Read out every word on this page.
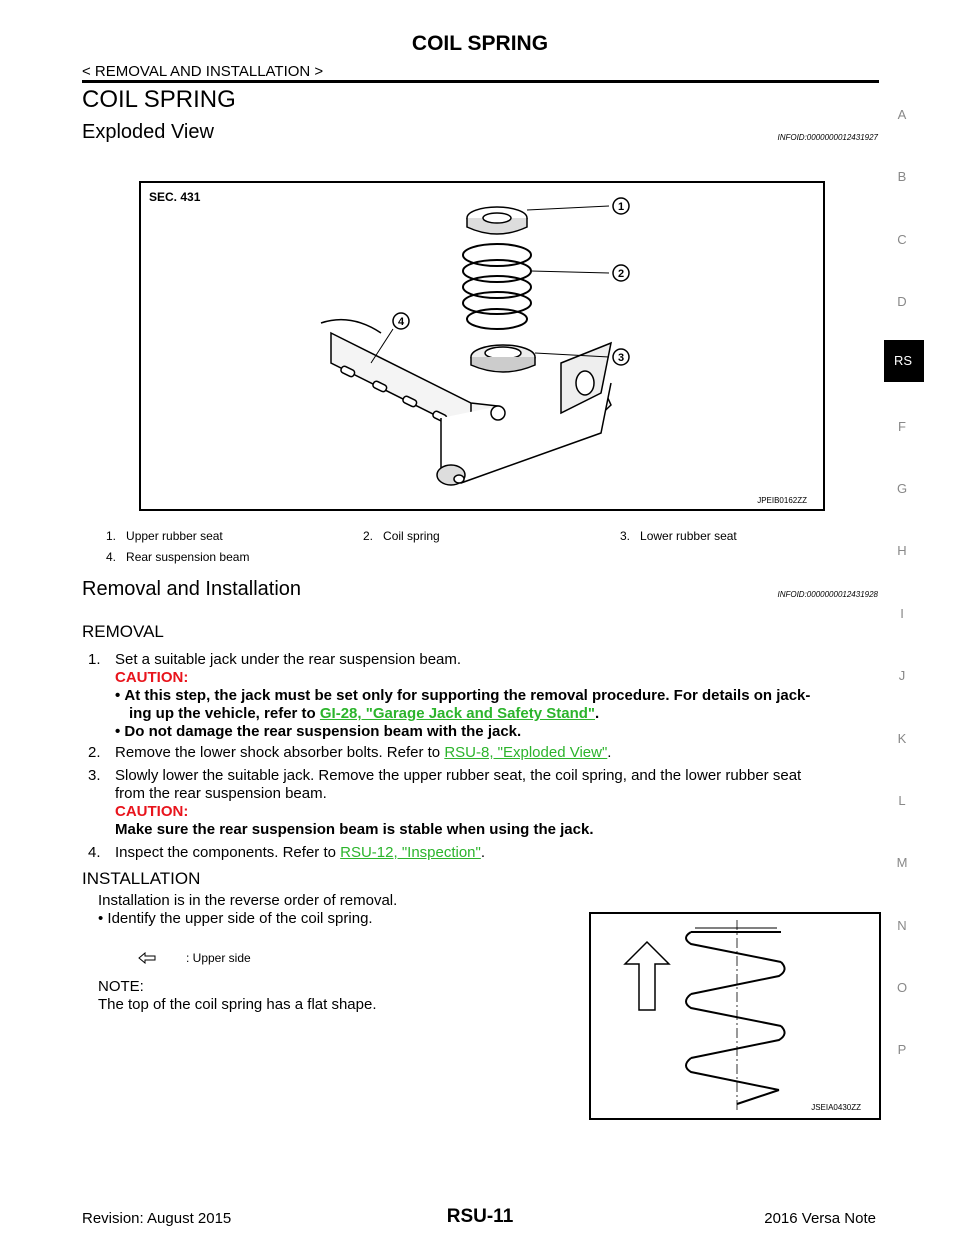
COIL SPRING
< REMOVAL AND INSTALLATION >
COIL SPRING
Exploded View	INFOID:0000000012431927
SEC. 431
1
2
3
4
JPEIB0162ZZ
1. Upper rubber seat	2. Coil spring	3. Lower rubber seat
4. Rear suspension beam
Removal and Installation	INFOID:0000000012431928
REMOVAL
1. Set a suitable jack under the rear suspension beam.
CAUTION:
• At this step, the jack must be set only for supporting the removal procedure. For details on jack-
ing up the vehicle, refer to GI-28, "Garage Jack and Safety Stand".
• Do not damage the rear suspension beam with the jack.
2. Remove the lower shock absorber bolts. Refer to RSU-8, "Exploded View".
3. Slowly lower the suitable jack. Remove the upper rubber seat, the coil spring, and the lower rubber seat
from the rear suspension beam.
CAUTION:
Make sure the rear suspension beam is stable when using the jack.
4. Inspect the components. Refer to RSU-12, "Inspection".
INSTALLATION
Installation is in the reverse order of removal.
• Identify the upper side of the coil spring.
: Upper side
NOTE:
The top of the coil spring has a flat shape.
JSEIA0430ZZ
A
B
C
D
RS
F
G
H
I
J
K
L
M
N
O
P
Revision: August 2015	RSU-11	2016 Versa Note
